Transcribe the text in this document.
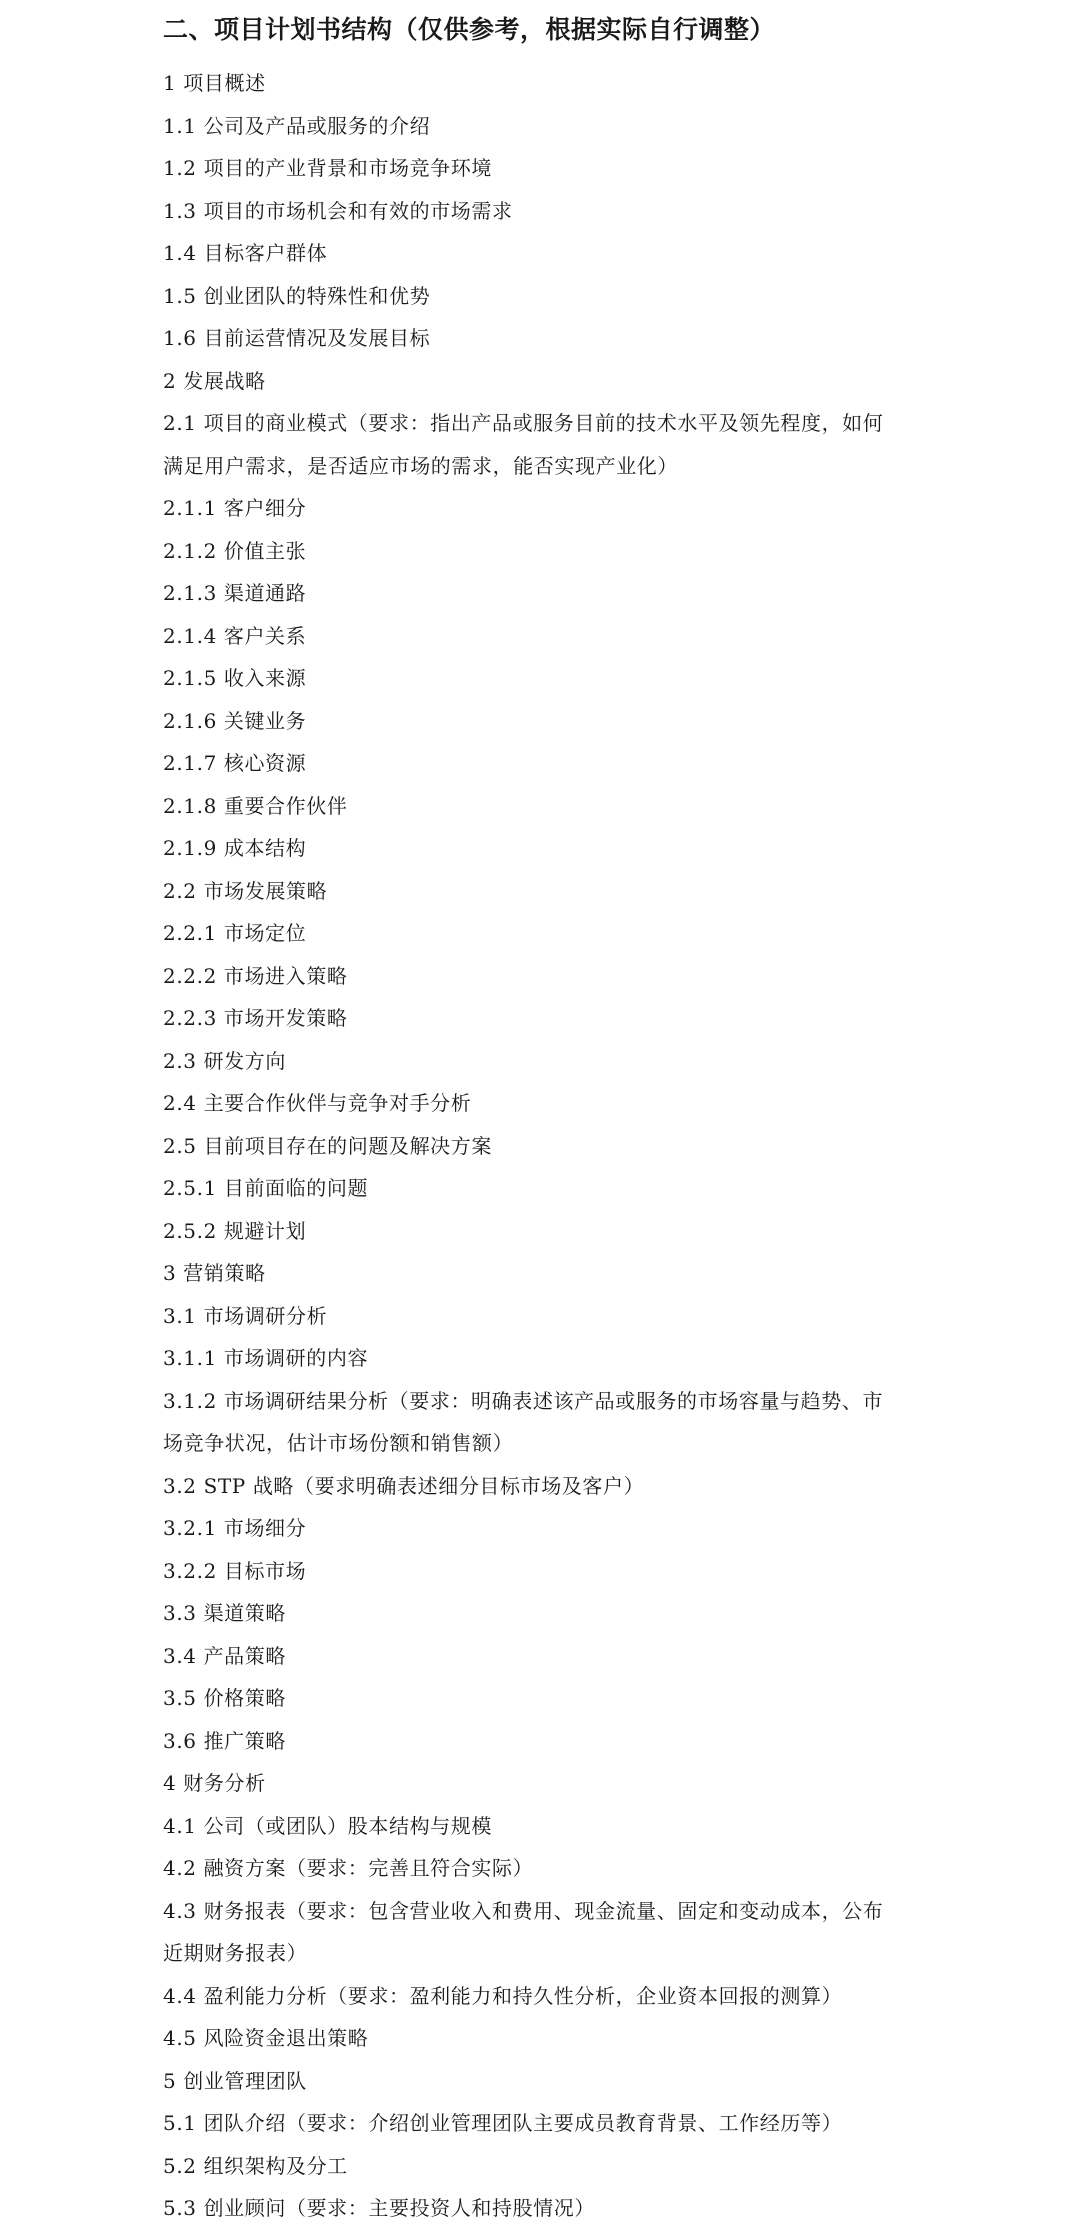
二、项目计划书结构（仅供参考，根据实际自行调整）
1 项目概述
1.1 公司及产品或服务的介绍
1.2 项目的产业背景和市场竞争环境
1.3 项目的市场机会和有效的市场需求
1.4 目标客户群体
1.5 创业团队的特殊性和优势
1.6 目前运营情况及发展目标
2 发展战略
2.1 项目的商业模式（要求：指出产品或服务目前的技术水平及领先程度，如何
满足用户需求，是否适应市场的需求，能否实现产业化）
2.1.1 客户细分
2.1.2 价值主张
2.1.3 渠道通路
2.1.4 客户关系
2.1.5 收入来源
2.1.6 关键业务
2.1.7 核心资源
2.1.8 重要合作伙伴
2.1.9 成本结构
2.2 市场发展策略
2.2.1 市场定位
2.2.2 市场进入策略
2.2.3 市场开发策略
2.3 研发方向
2.4 主要合作伙伴与竞争对手分析
2.5 目前项目存在的问题及解决方案
2.5.1 目前面临的问题
2.5.2 规避计划
3 营销策略
3.1 市场调研分析
3.1.1 市场调研的内容
3.1.2 市场调研结果分析（要求：明确表述该产品或服务的市场容量与趋势、市
场竞争状况，估计市场份额和销售额）
3.2 STP 战略（要求明确表述细分目标市场及客户）
3.2.1 市场细分
3.2.2 目标市场
3.3 渠道策略
3.4 产品策略
3.5 价格策略
3.6 推广策略
4 财务分析
4.1 公司（或团队）股本结构与规模
4.2 融资方案（要求：完善且符合实际）
4.3 财务报表（要求：包含营业收入和费用、现金流量、固定和变动成本，公布
近期财务报表）
4.4 盈利能力分析（要求：盈利能力和持久性分析，企业资本回报的测算）
4.5 风险资金退出策略
5 创业管理团队
5.1 团队介绍（要求：介绍创业管理团队主要成员教育背景、工作经历等）
5.2 组织架构及分工
5.3 创业顾问（要求：主要投资人和持股情况）
